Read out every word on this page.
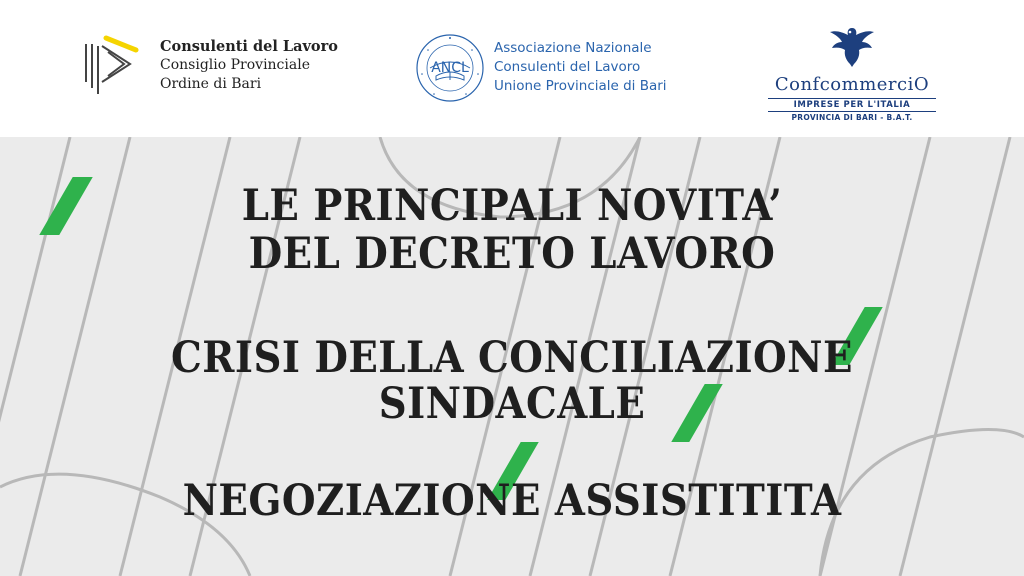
Consulenti del Lavoro
Consiglio Provinciale
Ordine di Bari
ANCL
Associazione Nazionale
Consulenti del Lavoro
Unione Provinciale di Bari	ConfcommerciO
IMPRESE PER L'ITALIA
PROVINCIA DI BARI - B.A.T.
LE PRINCIPALI NOVITA’
DEL DECRETO LAVORO
CRISI DELLA CONCILIAZIONE
SINDACALE
NEGOZIAZIONE ASSISTITITA
